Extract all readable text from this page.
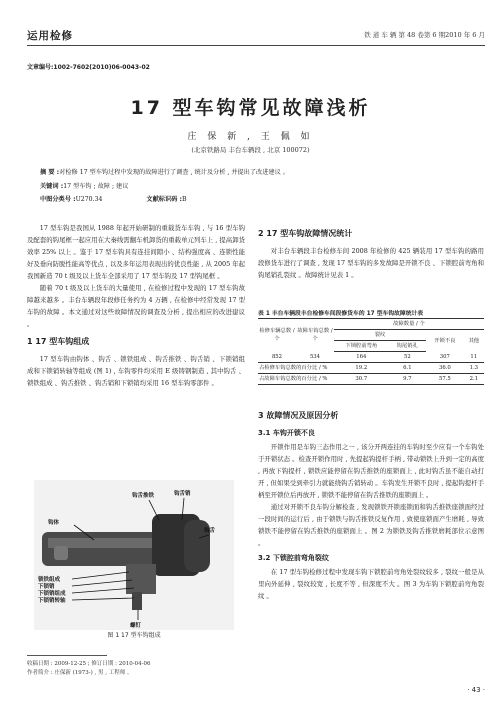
运用检修	铁 道 车 辆 第 48 卷第 6 期2010 年 6 月
文章编号:1002-7602(2010)06-0043-02
17 型车钩常见故障浅析
庄 保 新 , 王 佩 如
(北京铁路局 丰台车辆段 , 北京 100072)
摘 要 :对检修 17 型车钩过程中发现的故障进行了调查 , 统计及分析 , 并提出了改进建议 。
关键词 :17 型车钩 ; 故障 ; 建议
中图分类号 :U270.34	文献标识码 :B

17 型车钩是我国从 1988 年起开始研制的重载货车车钩 , 与 16 型车钩及配套的钩尾框一起应用在大秦线需翻车机卸货的重载单元列车上 , 提高卸货效率 25% 以上 。鉴于 17 型车钩具有连挂间隙小 、结构强度高 、连锁性能好及垂向防脱性能高等优点 , 以及多年运用表现出的优良性能 , 从 2005 年起我国新造 70 t 级及以上货车全部采用了 17 型车钩及 17 型钩尾框 。

随着 70 t 级及以上货车的大量使用 , 在检修过程中发现的 17 型车钩故障越来越多 。丰台车辆段年段修任务约为 4 万辆 , 在检修中经常发现 17 型车钩的故障 。本文通过对这些故障情况的调查及分析 , 提出相应的改进建议 。

1 17 型车钩组成

17 型车钩由钩体 、钩舌 、锁铁组成 、钩舌推铁 、钩舌销 、下锁销组成和下锁销转轴等组成 (图 1) , 车钩零件均采用 E 级铸钢制造 , 其中钩舌 、锁铁组成 、钩舌推铁 、钩舌销和下锁销均采用 16 型车钩零部件 。

钩体
钩舌推铁	钩舌销
钩舌
锁铁组成
下锁销
下锁销组成
下锁销转轴
螺钉
图 1 17 型车钩组成
收稿日期 : 2009-12-25 ; 修订日期 : 2010-04-06
作者简介 : 庄保新 (1973-) , 男 , 工程师 。
2 17 型车钩故障情况统计

对丰台车辆段丰台检修车间 2008 年检修的 425 辆装用 17 型车钩的路用段修货车进行了调查 , 发现 17 型车钩的多发故障是开锁不良 、下锁腔前弯角和钩尾销孔裂纹 。故障统计见表 1 。

表 1 丰台车辆段丰台检修车间段修货车的 17 型车钩故障统计表
检修车辆总数 / 个	故障车钩总数 / 个	故障数量 / 个			
		裂纹		开锁不良	其他
		下锁腔前弯角	钩尾销孔		
852	534	164	52	307	11
占检修车钩总数的百分比 / %		19.2	6.1	36.0	1.3
占故障车钩总数的百分比 / %		30.7	9.7	57.5	2.1
3 故障情况及原因分析
3.1 车钩开锁不良

开锁作用是车钩三态作用之一 , 该分开两连挂的车钩时至少应有一个车钩处于开锁状态 。检查开锁作用时 , 先提起钩提杆手柄 , 带动锁铁上升到一定的高度 , 再放下钩提杆 , 锁铁应能停留在钩舌推铁的座锁面上 , 此时钩舌虽不能自动打开 , 但如果受到牵引力就能绕钩舌销转动 。车钩发生开锁不良时 , 提起钩提杆手柄至开锁位后再放开 , 锁铁不能停留在钩舌推铁的座锁面上 。

通过对开锁不良车钩分解检查 , 发现锁铁开锁座锁面和钩舌推铁座锁面经过一段时间的运行后 , 由于锁铁与钩舌推铁反复作用 , 致使座锁面产生磨耗 , 导致锁铁不能停留在钩舌推铁的座锁面上 。图 2 为锁铁及钩舌推铁磨耗部位示意图 。

3.2 下锁腔前弯角裂纹

在 17 型车钩检修过程中发现车钩下锁腔前弯角处裂纹较多 , 裂纹一般是从里向外延伸 , 裂纹较宽 , 长度不等 , 但深度不大 。图 3 为车钩下锁腔前弯角裂纹 。

· 43 ·
